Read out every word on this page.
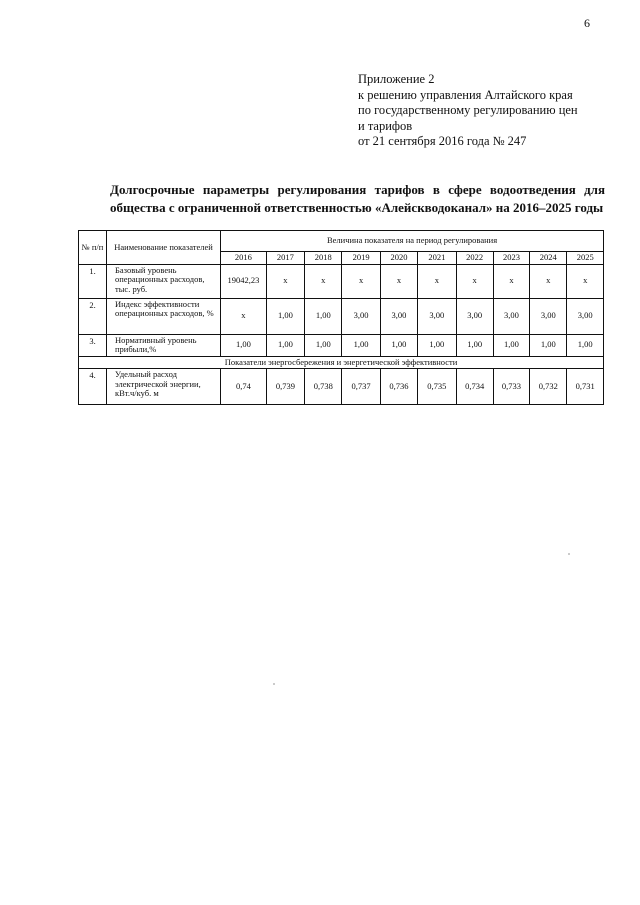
6
Приложение 2
к решению управления Алтайского края
по государственному регулированию цен
и тарифов
от 21 сентября 2016 года № 247
Долгосрочные параметры регулирования тарифов в сфере водоотведения для общества с ограниченной ответственностью «Алейскводоканал» на 2016–2025 годы
№ п/п	Наименование показателей	Величина показателя на период регулирования									
		2016	2017	2018	2019	2020	2021	2022	2023	2024	2025
1.	Базовый уровень операционных расходов, тыс. руб.	19042,23	х	х	х	х	х	х	х	х	х
2.	Индекс эффективности операционных расходов, %	х	1,00	1,00	3,00	3,00	3,00	3,00	3,00	3,00	3,00
3.	Нормативный уровень прибыли,%	1,00	1,00	1,00	1,00	1,00	1,00	1,00	1,00	1,00	1,00
Показатели энергосбережения и энергетической эффективности											
4.	Удельный расход электрической энергии, кВт.ч/куб. м	0,74	0,739	0,738	0,737	0,736	0,735	0,734	0,733	0,732	0,731
